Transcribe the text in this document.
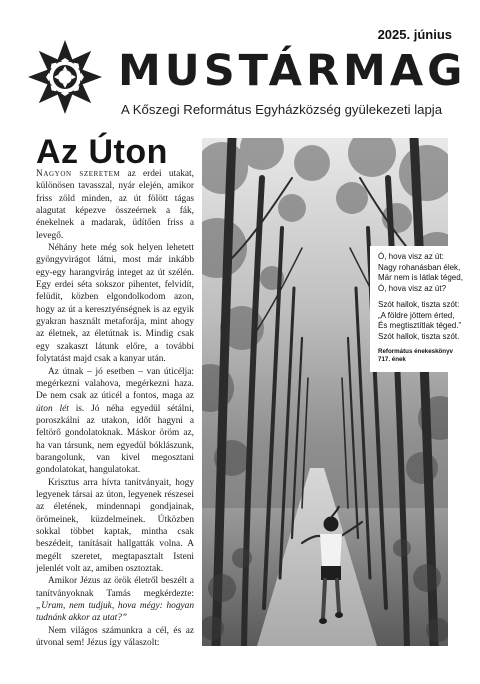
2025. június
MUSTÁRMAG
A Kőszegi Református Egyházközség gyülekezeti lapja
Az Úton

Nagyon szeretem az erdei utakat, különösen tavasszal, nyár elején, amikor friss zöld minden, az út fölött tágas alagutat képezve összeérnek a fák, énekelnek a madarak, üdítően friss a levegő.

Néhány hete még sok helyen lehetett gyöngyvirágot látni, most már inkább egy-egy harangvirág integet az út szélén. Egy erdei séta sokszor pihentet, felvidít, felüdít, közben elgondolkodom azon, hogy az út a keresztyénségnek is az egyik gyakran használt metaforája, mint ahogy az életnek, az életútnak is. Mindig csak egy szakaszt látunk előre, a további folytatást majd csak a kanyar után.

Az útnak – jó esetben – van úticélja: megérkezni valahova, megérkezni haza. De nem csak az úticél a fontos, maga az úton lét is. Jó néha egyedül sétálni, poroszkálni az utakon, időt hagyni a feltörő gondolatoknak. Máskor öröm az, ha van társunk, nem egyedül bóklászunk, barangolunk, van kivel megosztani gondolatokat, hangulatokat.

Krisztus arra hívta tanítványait, hogy legyenek társai az úton, legyenek részesei az életének, mindennapi gondjainak, örömeinek, küzdelmeinek. Útközben sokkal többet kaptak, mintha csak beszédeit, tanításait hallgatták volna. A megélt szeretet, megtapasztalt Isteni jelenlét volt az, amiben osztoztak.

Amikor Jézus az örök életről beszélt a tanítványoknak Tamás megkérdezte: „Uram, nem tudjuk, hova mégy: hogyan tudnánk akkor az utat?”

Nem világos számunkra a cél, és az útvonal sem! Jézus így válaszolt:

Ó, hova visz az út:
Nagy rohanásban élek,
Már nem is látlak téged,
Ó, hova visz az út?
Szót hallok, tiszta szót:
„A földre jöttem érted,
És megtisztítlak téged.”
Szót hallok, tiszta szót.
Református énekeskönyv
717. ének
